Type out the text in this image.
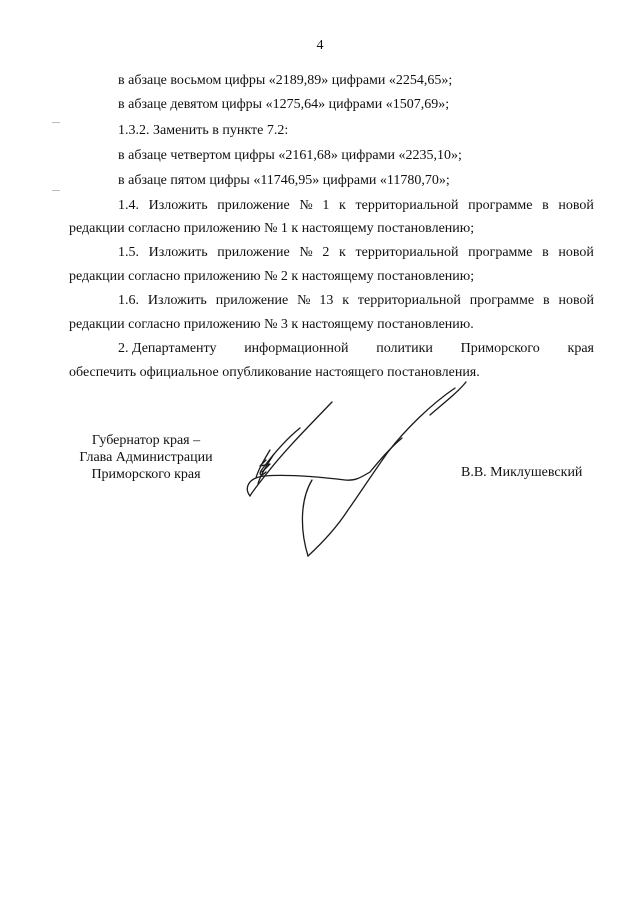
4
в абзаце восьмом цифры «2189,89» цифрами «2254,65»;
в абзаце девятом цифры «1275,64» цифрами «1507,69»;
1.3.2. Заменить в пункте 7.2:
в абзаце четвертом цифры «2161,68» цифрами «2235,10»;
в абзаце пятом цифры «11746,95» цифрами «11780,70»;
1.4. Изложить приложение № 1 к территориальной программе в новой
редакции согласно приложению № 1 к настоящему постановлению;
1.5. Изложить приложение № 2 к территориальной программе в новой
редакции согласно приложению № 2 к настоящему постановлению;
1.6. Изложить приложение № 13 к территориальной программе в новой
редакции согласно приложению № 3 к настоящему постановлению.
2. Департаменту информационной политики Приморского края
обеспечить официальное опубликование настоящего постановления.
Губернатор края –
Глава Администрации
Приморского края	В.В. Миклушевский
